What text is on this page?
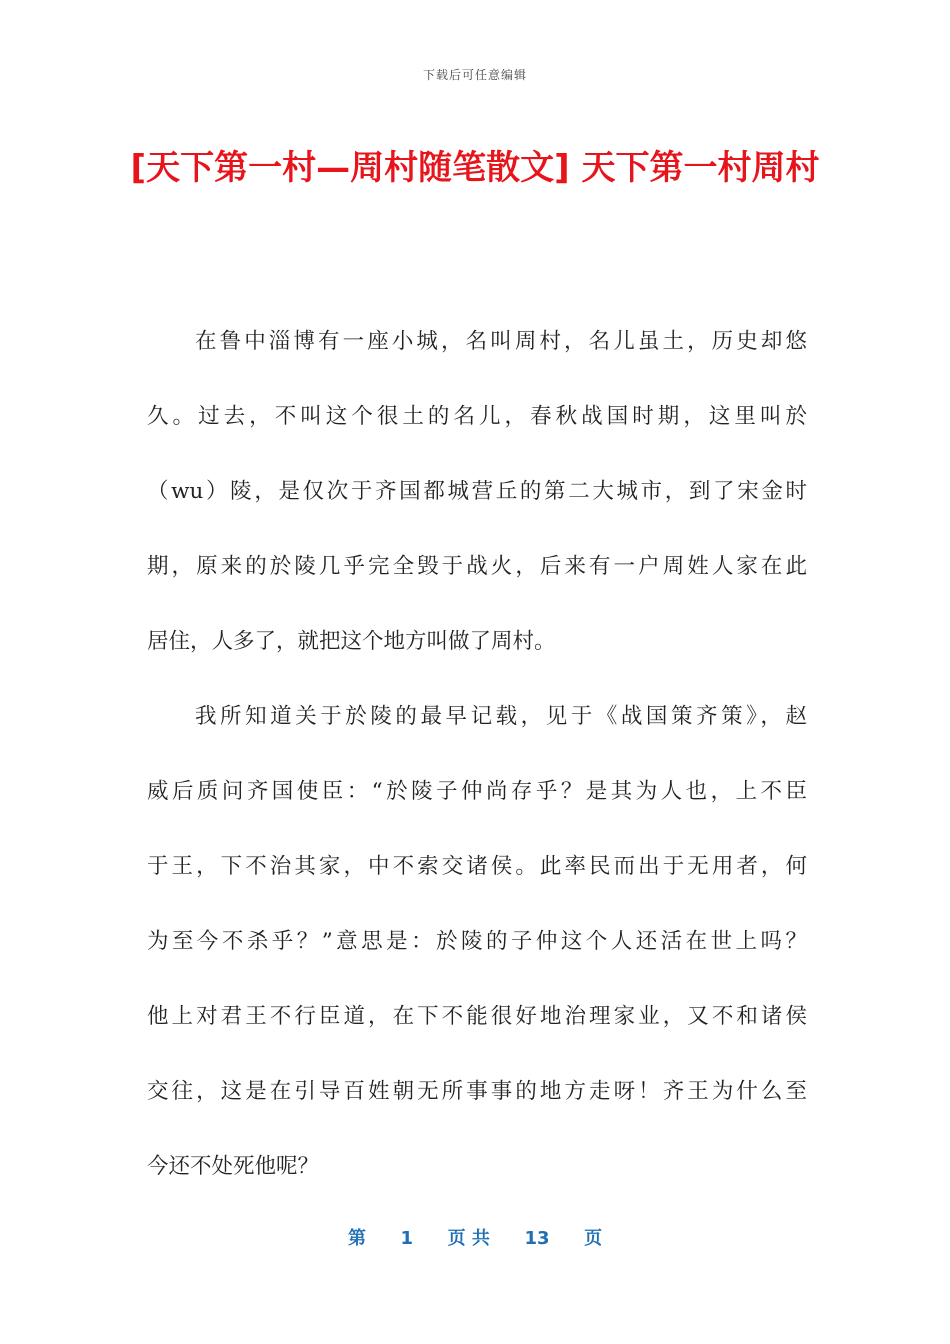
下载后可任意编辑
[天下第一村—周村随笔散文] 天下第一村周村
在鲁中淄博有一座小城，名叫周村，名儿虽土，历史却悠
久。过去，不叫这个很土的名儿，春秋战国时期，这里叫於
（wu）陵，是仅次于齐国都城营丘的第二大城市，到了宋金时
期，原来的於陵几乎完全毁于战火，后来有一户周姓人家在此
居住，人多了，就把这个地方叫做了周村。
我所知道关于於陵的最早记载，见于《战国策齐策》，赵
威后质问齐国使臣：“於陵子仲尚存乎？是其为人也，上不臣
于王，下不治其家，中不索交诸侯。此率民而出于无用者，何
为至今不杀乎？”意思是：於陵的子仲这个人还活在世上吗？
他上对君王不行臣道，在下不能很好地治理家业，又不和诸侯
交往，这是在引导百姓朝无所事事的地方走呀！齐王为什么至
今还不处死他呢？
第 1 页 共 13 页
